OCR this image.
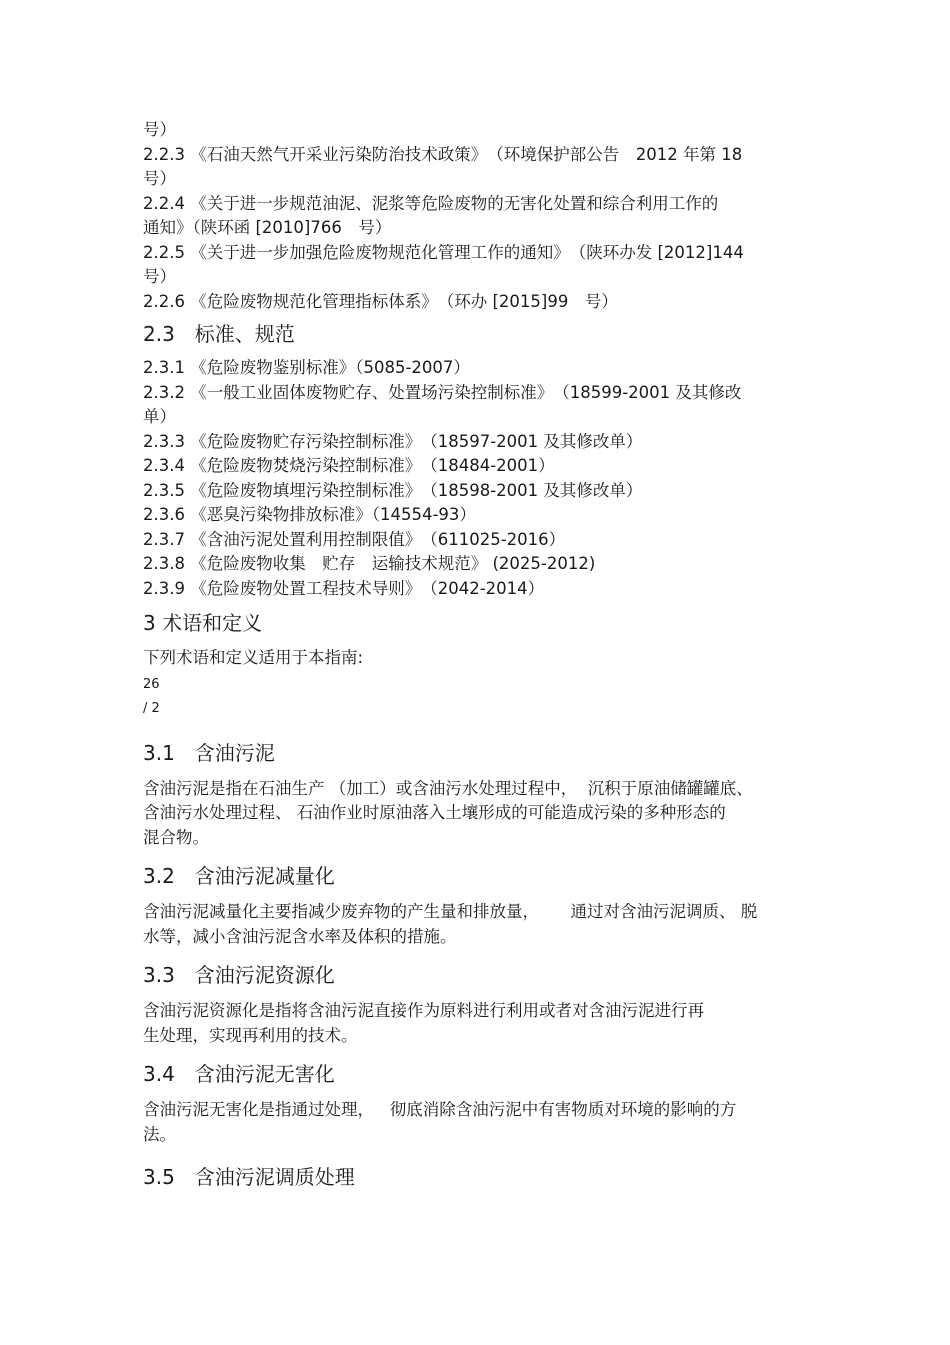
号）
2.2.3 《石油天然气开采业污染防治技术政策》　（环境保护部公告　2012 年第 18
号）
2.2.4 《关于进一步规范油泥、泥浆等危险废物的无害化处置和综合利用工作的
通知》（陕环函 [2010]766　号）
2.2.5 《关于进一步加强危险废物规范化管理工作的通知》　（陕环办发 [2012]144
号）
2.2.6 《危险废物规范化管理指标体系》　（环办 [2015]99　号）
2.3　标准、规范
2.3.1 《危险废物鉴别标准》（5085-2007）
2.3.2 《一般工业固体废物贮存、处置场污染控制标准》　（18599-2001 及其修改
单）
2.3.3 《危险废物贮存污染控制标准》　（18597-2001 及其修改单）
2.3.4 《危险废物焚烧污染控制标准》　（18484-2001）
2.3.5 《危险废物填埋污染控制标准》　（18598-2001 及其修改单）
2.3.6 《恶臭污染物排放标准》（14554-93）
2.3.7 《含油污泥处置利用控制限值》　（611025-2016）
2.3.8 《危险废物收集　贮存　运输技术规范》 (2025-2012)
2.3.9 《危险废物处置工程技术导则》　（2042-2014）
3 术语和定义
下列术语和定义适用于本指南:
26
/ 2
3.1　含油污泥
含油污泥是指在石油生产 （加工）或含油污水处理过程中，  沉积于原油储罐罐底、
含油污水处理过程、 石油作业时原油落入土壤形成的可能造成污染的多种形态的
混合物。
3.2　含油污泥减量化
含油污泥减量化主要指减少废弃物的产生量和排放量，      通过对含油污泥调质、 脱
水等，减小含油污泥含水率及体积的措施。
3.3　含油污泥资源化
含油污泥资源化是指将含油污泥直接作为原料进行利用或者对含油污泥进行再
生处理，实现再利用的技术。
3.4　含油污泥无害化
含油污泥无害化是指通过处理，   彻底消除含油污泥中有害物质对环境的影响的方
法。
3.5　含油污泥调质处理
